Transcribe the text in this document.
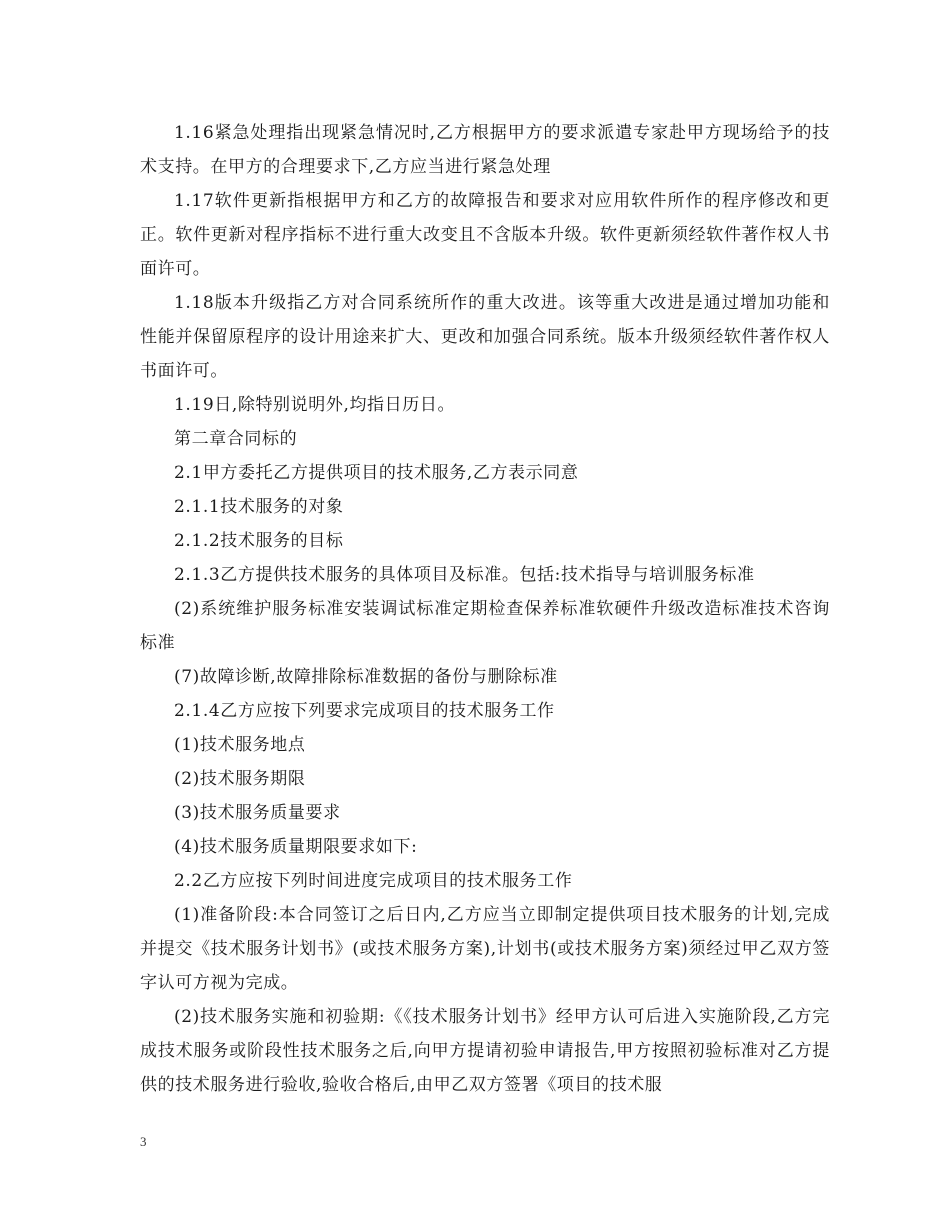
1.16紧急处理指出现紧急情况时,乙方根据甲方的要求派遣专家赴甲方现场给予的技术支持。在甲方的合理要求下,乙方应当进行紧急处理

1.17软件更新指根据甲方和乙方的故障报告和要求对应用软件所作的程序修改和更正。软件更新对程序指标不进行重大改变且不含版本升级。软件更新须经软件著作权人书面许可。

1.18版本升级指乙方对合同系统所作的重大改进。该等重大改进是通过增加功能和性能并保留原程序的设计用途来扩大、更改和加强合同系统。版本升级须经软件著作权人书面许可。

1.19日,除特别说明外,均指日历日。

第二章合同标的

2.1甲方委托乙方提供项目的技术服务,乙方表示同意

2.1.1技术服务的对象

2.1.2技术服务的目标

2.1.3乙方提供技术服务的具体项目及标准。包括:技术指导与培训服务标准

(2)系统维护服务标准安装调试标准定期检查保养标准软硬件升级改造标准技术咨询标准

(7)故障诊断,故障排除标准数据的备份与删除标准

2.1.4乙方应按下列要求完成项目的技术服务工作

(1)技术服务地点

(2)技术服务期限

(3)技术服务质量要求

(4)技术服务质量期限要求如下:

2.2乙方应按下列时间进度完成项目的技术服务工作

(1)准备阶段:本合同签订之后日内,乙方应当立即制定提供项目技术服务的计划,完成并提交《技术服务计划书》(或技术服务方案),计划书(或技术服务方案)须经过甲乙双方签字认可方视为完成。

(2)技术服务实施和初验期:《《技术服务计划书》经甲方认可后进入实施阶段,乙方完成技术服务或阶段性技术服务之后,向甲方提请初验申请报告,甲方按照初验标准对乙方提供的技术服务进行验收,验收合格后,由甲乙双方签署《项目的技术服

3
